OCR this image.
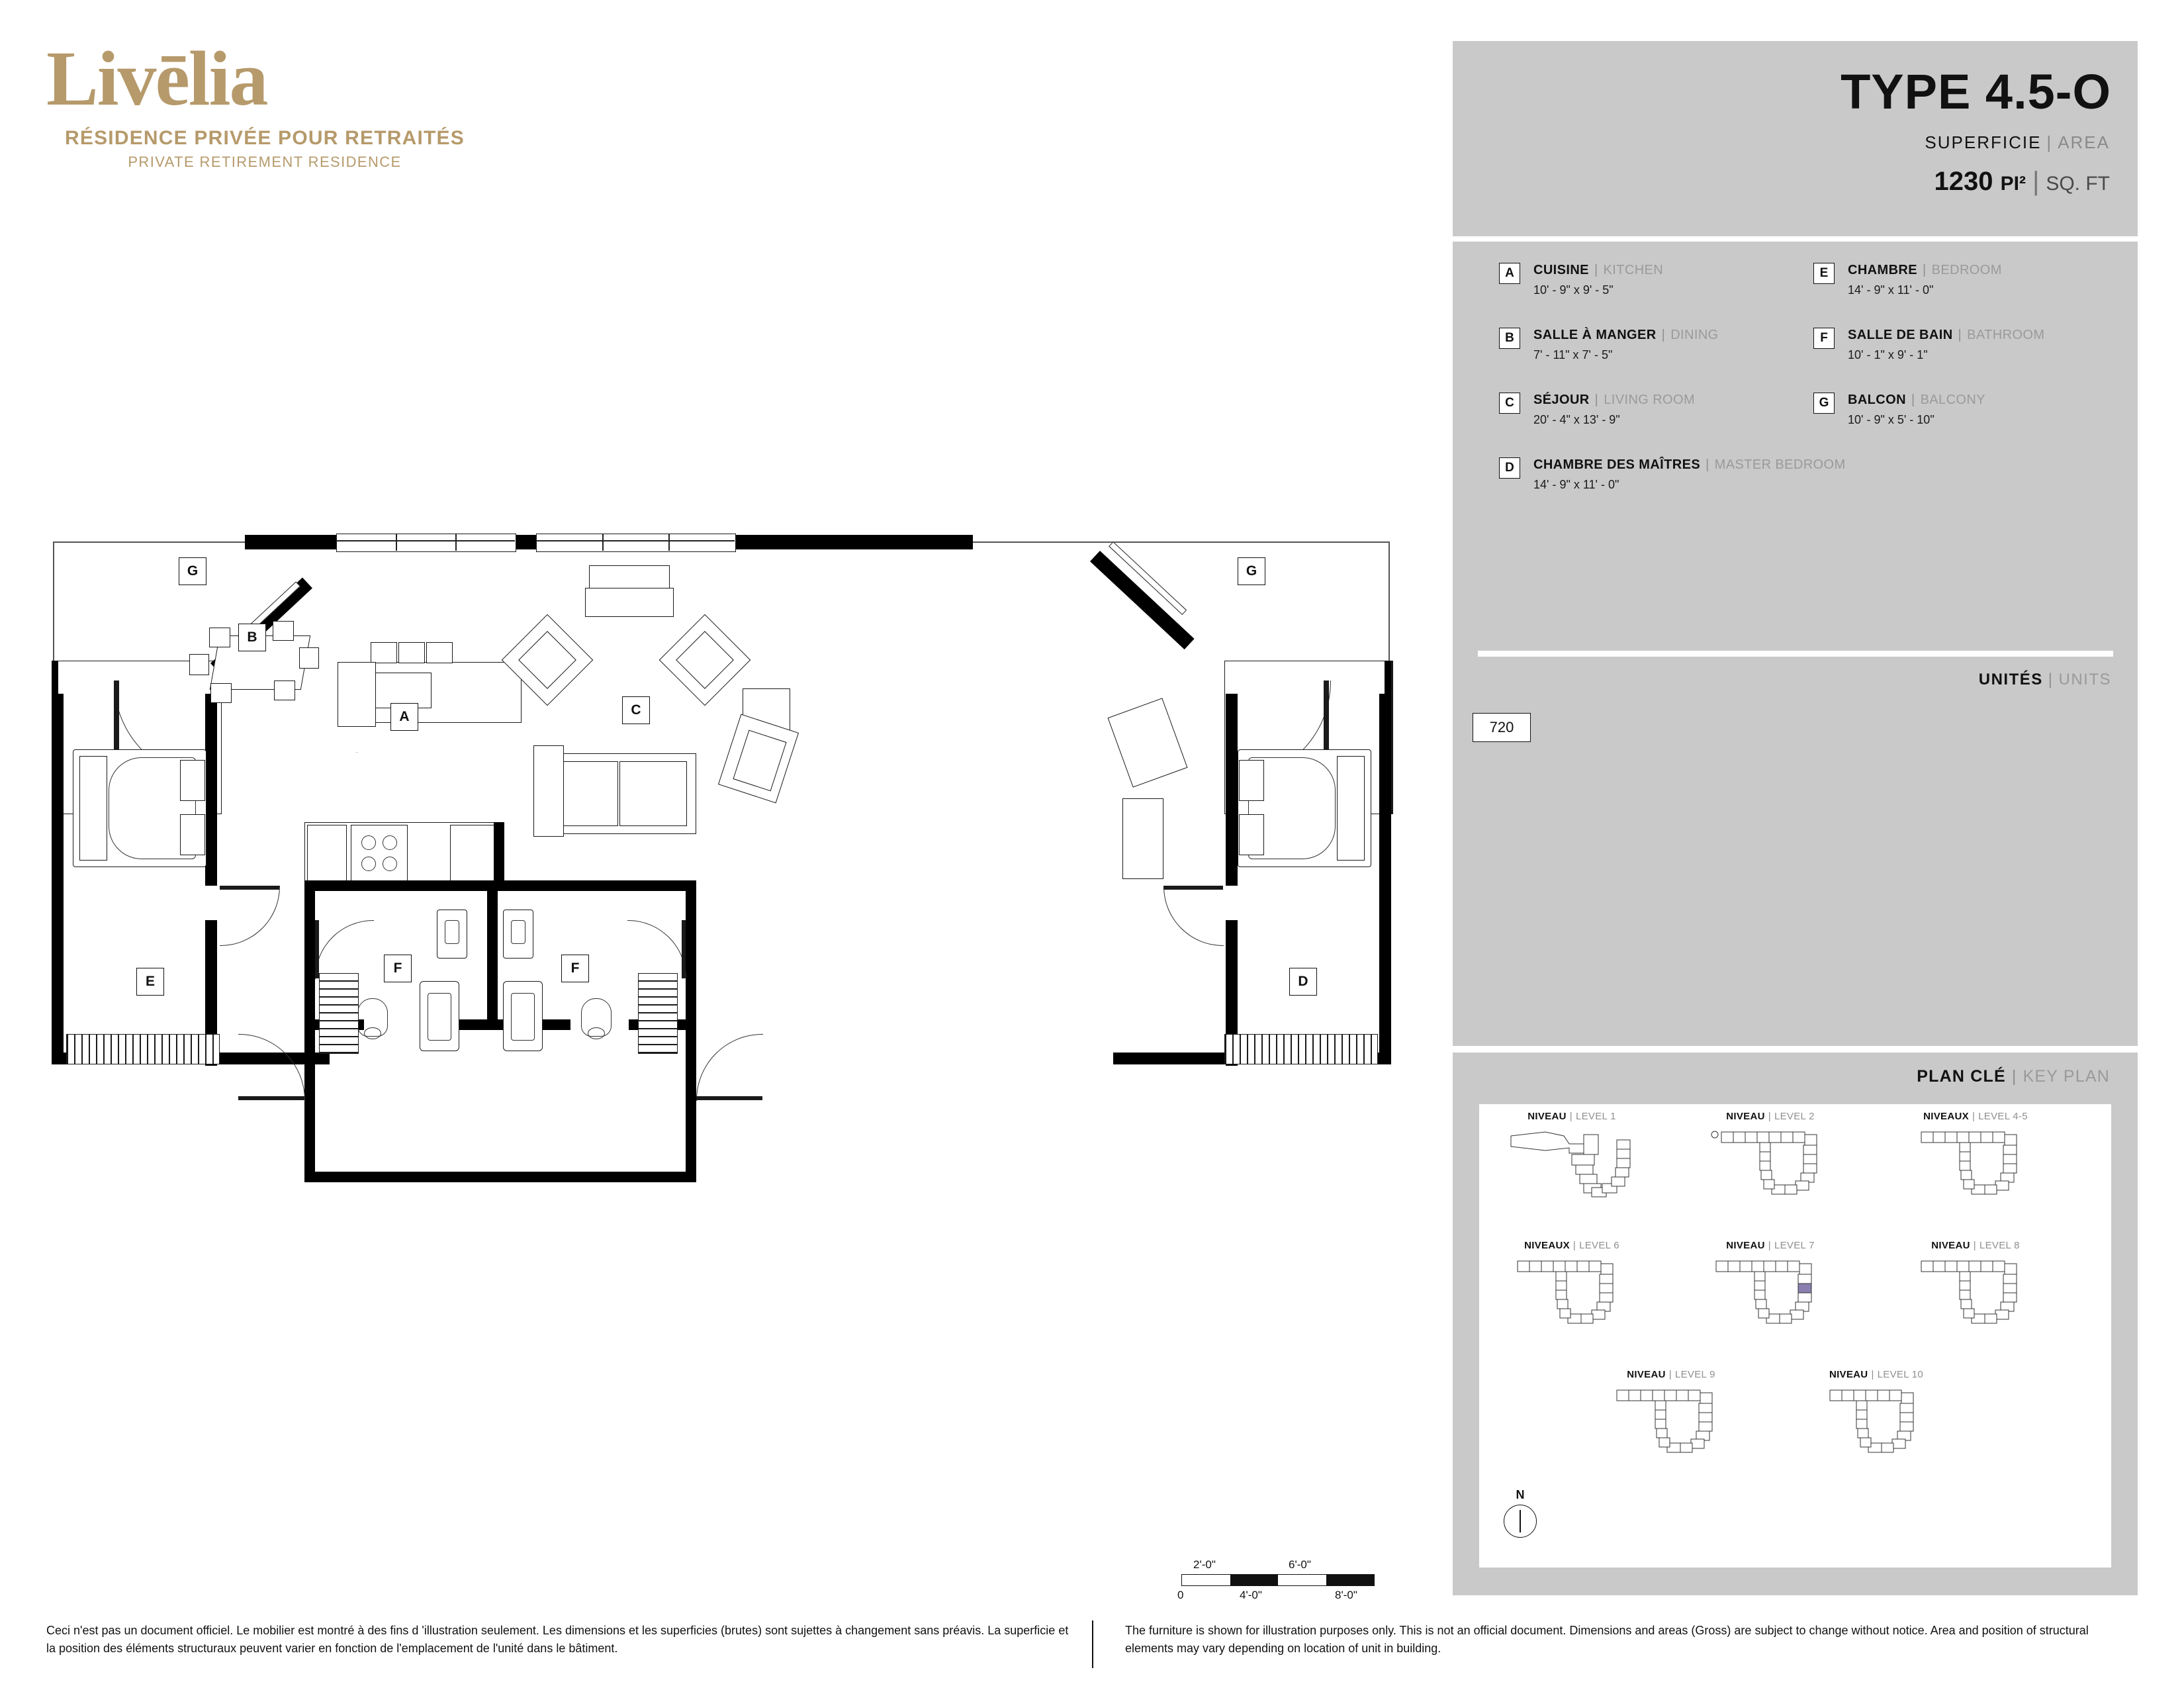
Livēlia
RÉSIDENCE PRIVÉE POUR RETRAITÉS
PRIVATE RETIREMENT RESIDENCE
TYPE 4.5-O
SUPERFICIE | AREA
1230 PI² | SQ. FT
A	CUISINE | KITCHEN
10' - 9" x 9' - 5"
B	SALLE À MANGER | DINING
7' - 11" x 7' - 5"
C	SÉJOUR | LIVING ROOM
20' - 4" x 13' - 9"
D	CHAMBRE DES MAÎTRES | MASTER BEDROOM
14' - 9" x 11' - 0"
E	CHAMBRE | BEDROOM
14' - 9" x 11' - 0"
F	SALLE DE BAIN | BATHROOM
10' - 1" x 9' - 1"
G	BALCON | BALCONY
10' - 9" x 5' - 10"
UNITÉS | UNITS
720
PLAN CLÉ | KEY PLAN
NIVEAU | LEVEL 1	NIVEAU | LEVEL 2	NIVEAUX | LEVEL 4-5
NIVEAUX | LEVEL 6	NIVEAU | LEVEL 7	NIVEAU | LEVEL 8
NIVEAU | LEVEL 9	NIVEAU | LEVEL 10
N
G	G
E
B
A	C
F	F
D
2'-0"	6'-0"
0	4'-0"	8'-0"
Ceci n'est pas un document officiel. Le mobilier est montré à des fins d 'illustration seulement. Les dimensions et les superficies (brutes) sont sujettes à changement sans préavis. La superficie et la position des éléments structuraux peuvent varier en fonction de l'emplacement de l'unité dans le bâtiment.
The furniture is shown for illustration purposes only. This is not an official document. Dimensions and areas (Gross) are subject to change without notice. Area and position of structural elements may vary depending on location of unit in building.
